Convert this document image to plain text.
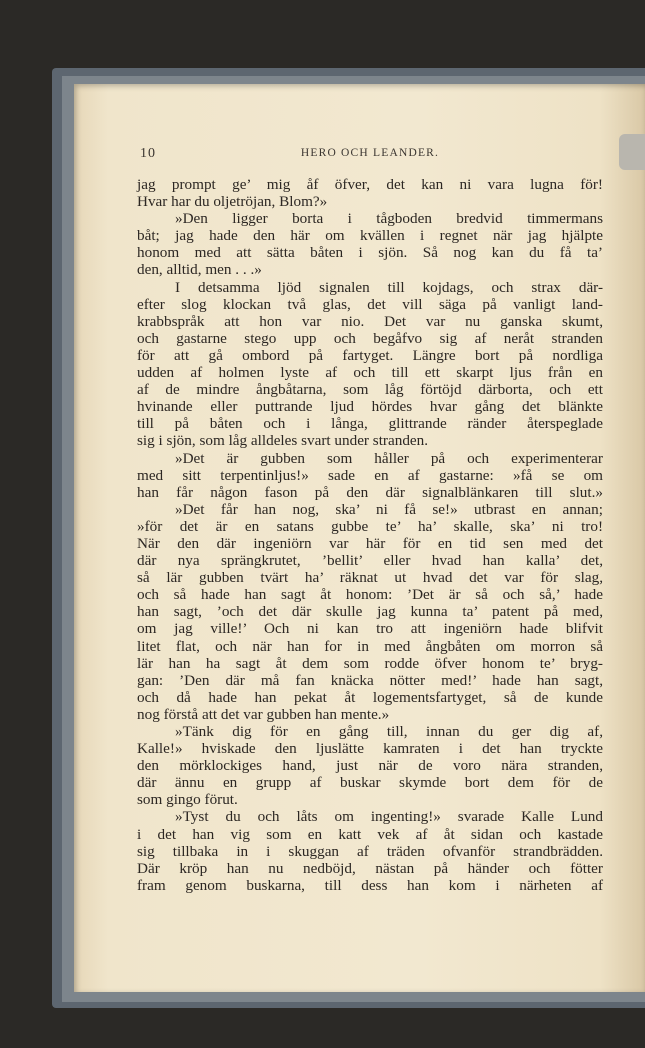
10	HERO OCH LEANDER.
jag prompt ge’ mig åf öfver, det kan ni vara lugna för!
Hvar har du oljetröjan, Blom?»
»Den ligger borta i tågboden bredvid timmermans
båt; jag hade den här om kvällen i regnet när jag hjälpte
honom med att sätta båten i sjön. Så nog kan du få ta’
den, alltid, men . . .»
I detsamma ljöd signalen till kojdags, och strax där-
efter slog klockan två glas, det vill säga på vanligt land-
krabbspråk att hon var nio. Det var nu ganska skumt,
och gastarne stego upp och begåfvo sig af neråt stranden
för att gå ombord på fartyget. Längre bort på nordliga
udden af holmen lyste af och till ett skarpt ljus från en
af de mindre ångbåtarna, som låg förtöjd därborta, och ett
hvinande eller puttrande ljud hördes hvar gång det blänkte
till på båten och i långa, glittrande ränder återspeglade
sig i sjön, som låg alldeles svart under stranden.
»Det är gubben som håller på och experimenterar
med sitt terpentinljus!» sade en af gastarne: »få se om
han får någon fason på den där signalblänkaren till slut.»
»Det får han nog, ska’ ni få se!» utbrast en annan;
»för det är en satans gubbe te’ ha’ skalle, ska’ ni tro!
När den där ingeniörn var här för en tid sen med det
där nya sprängkrutet, ’bellit’ eller hvad han kalla’ det,
så lär gubben tvärt ha’ räknat ut hvad det var för slag,
och så hade han sagt åt honom: ’Det är så och så,’ hade
han sagt, ’och det där skulle jag kunna ta’ patent på med,
om jag ville!’ Och ni kan tro att ingeniörn hade blifvit
litet flat, och när han for in med ångbåten om morron så
lär han ha sagt åt dem som rodde öfver honom te’ bryg-
gan: ’Den där må fan knäcka nötter med!’ hade han sagt,
och då hade han pekat åt logementsfartyget, så de kunde
nog förstå att det var gubben han mente.»
»Tänk dig för en gång till, innan du ger dig af,
Kalle!» hviskade den ljuslätte kamraten i det han tryckte
den mörklockiges hand, just när de voro nära stranden,
där ännu en grupp af buskar skymde bort dem för de
som gingo förut.
»Tyst du och låts om ingenting!» svarade Kalle Lund
i det han vig som en katt vek af åt sidan och kastade
sig tillbaka in i skuggan af träden ofvanför strandbrädden.
Där kröp han nu nedböjd, nästan på händer och fötter
fram genom buskarna, till dess han kom i närheten af
